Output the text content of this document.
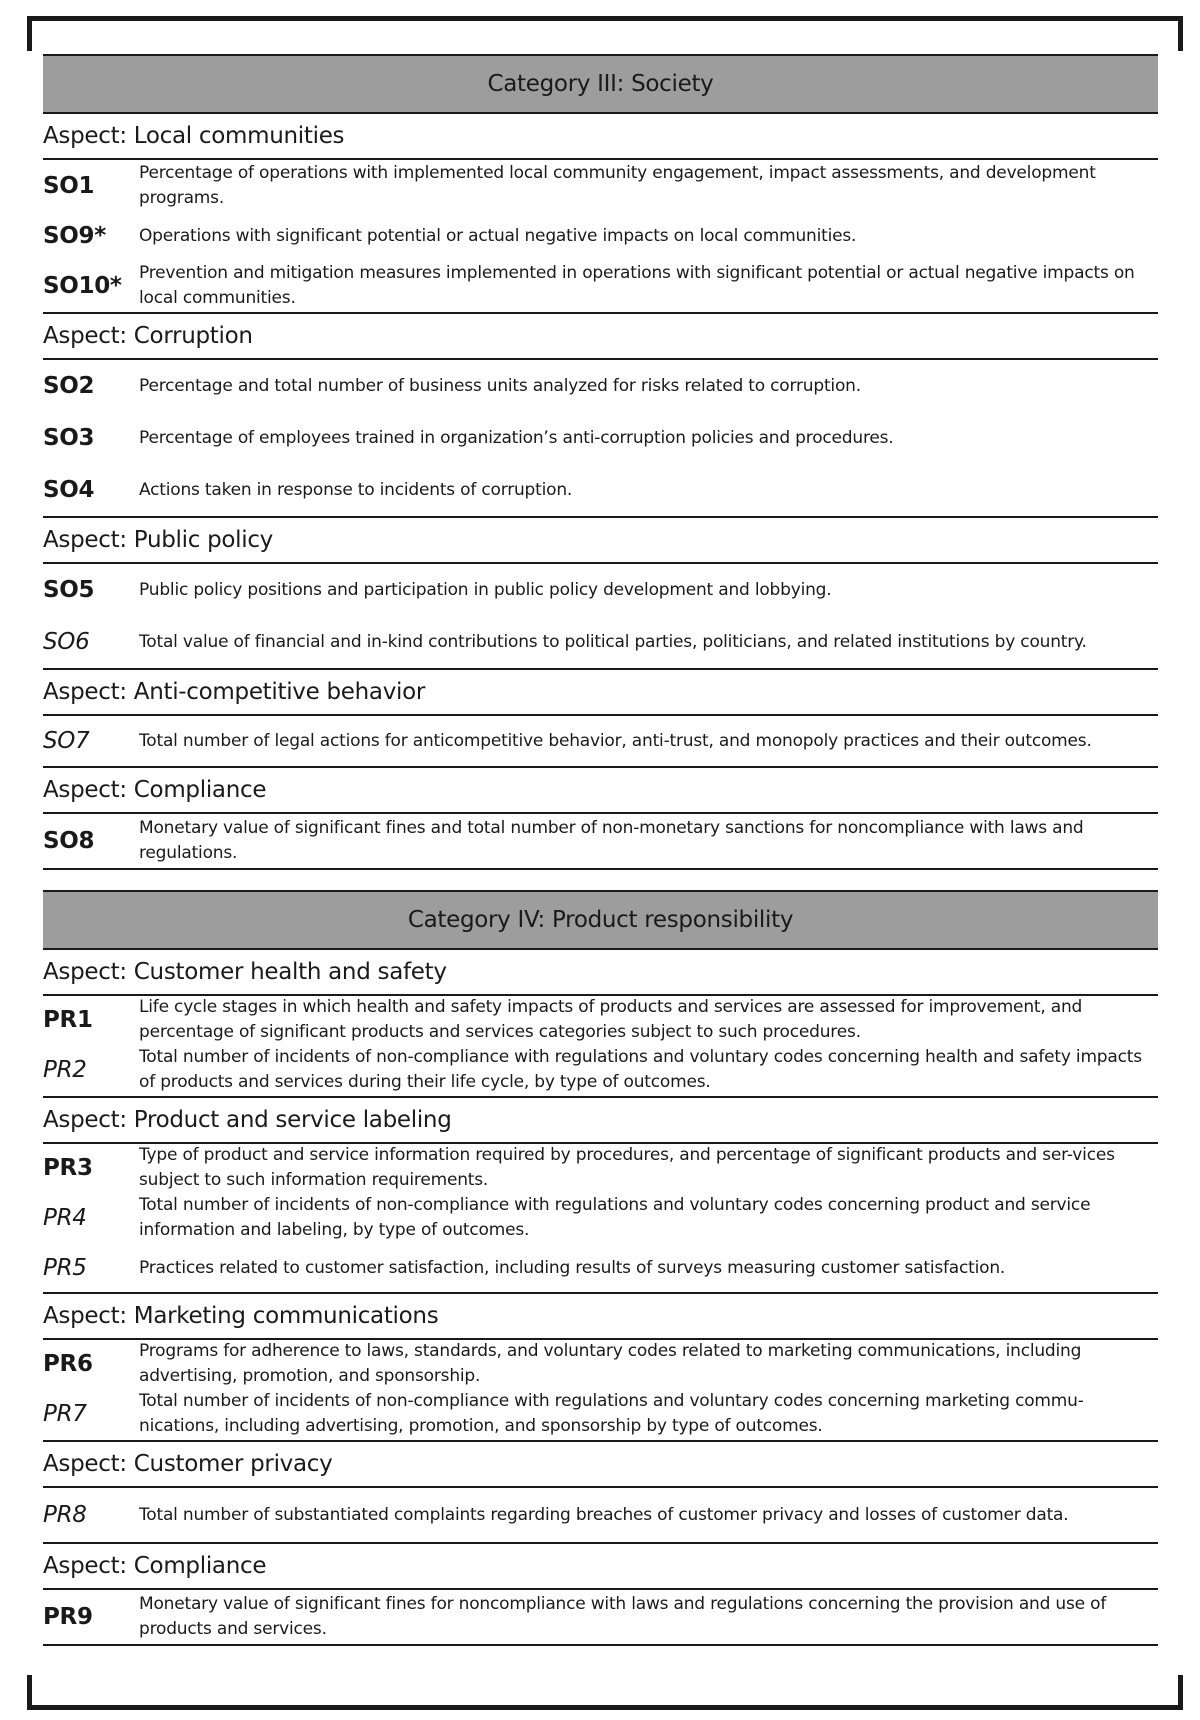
Category III: Society
Aspect: Local communities
SO1	Percentage of operations with implemented local community engagement, impact assessments, and development programs.
SO9*	Operations with significant potential or actual negative impacts on local communities.
SO10*	Prevention and mitigation measures implemented in operations with significant potential or actual negative impacts on local communities.
Aspect: Corruption
SO2	Percentage and total number of business units analyzed for risks related to corruption.
SO3	Percentage of employees trained in organization’s anti-corruption policies and procedures.
SO4	Actions taken in response to incidents of corruption.
Aspect: Public policy
SO5	Public policy positions and participation in public policy development and lobbying.
SO6	Total value of financial and in-kind contributions to political parties, politicians, and related institutions by country.
Aspect: Anti-competitive behavior
SO7	Total number of legal actions for anticompetitive behavior, anti-trust, and monopoly practices and their outcomes.
Aspect: Compliance
SO8	Monetary value of significant fines and total number of non-monetary sanctions for noncompliance with laws and regulations.
Category IV: Product responsibility
Aspect: Customer health and safety
PR1	Life cycle stages in which health and safety impacts of products and services are assessed for improvement, and percentage of significant products and services categories subject to such procedures.
PR2	Total number of incidents of non-compliance with regulations and voluntary codes concerning health and safety impacts of products and services during their life cycle, by type of outcomes.
Aspect: Product and service labeling
PR3	Type of product and service information required by procedures, and percentage of significant products and ser-vices subject to such information requirements.
PR4	Total number of incidents of non-compliance with regulations and voluntary codes concerning product and service information and labeling, by type of outcomes.
PR5	Practices related to customer satisfaction, including results of surveys measuring customer satisfaction.
Aspect: Marketing communications
PR6	Programs for adherence to laws, standards, and voluntary codes related to marketing communications, including advertising, promotion, and sponsorship.
PR7	Total number of incidents of non-compliance with regulations and voluntary codes concerning marketing commu-nications, including advertising, promotion, and sponsorship by type of outcomes.
Aspect: Customer privacy
PR8	Total number of substantiated complaints regarding breaches of customer privacy and losses of customer data.
Aspect: Compliance
PR9	Monetary value of significant fines for noncompliance with laws and regulations concerning the provision and use of products and services.
